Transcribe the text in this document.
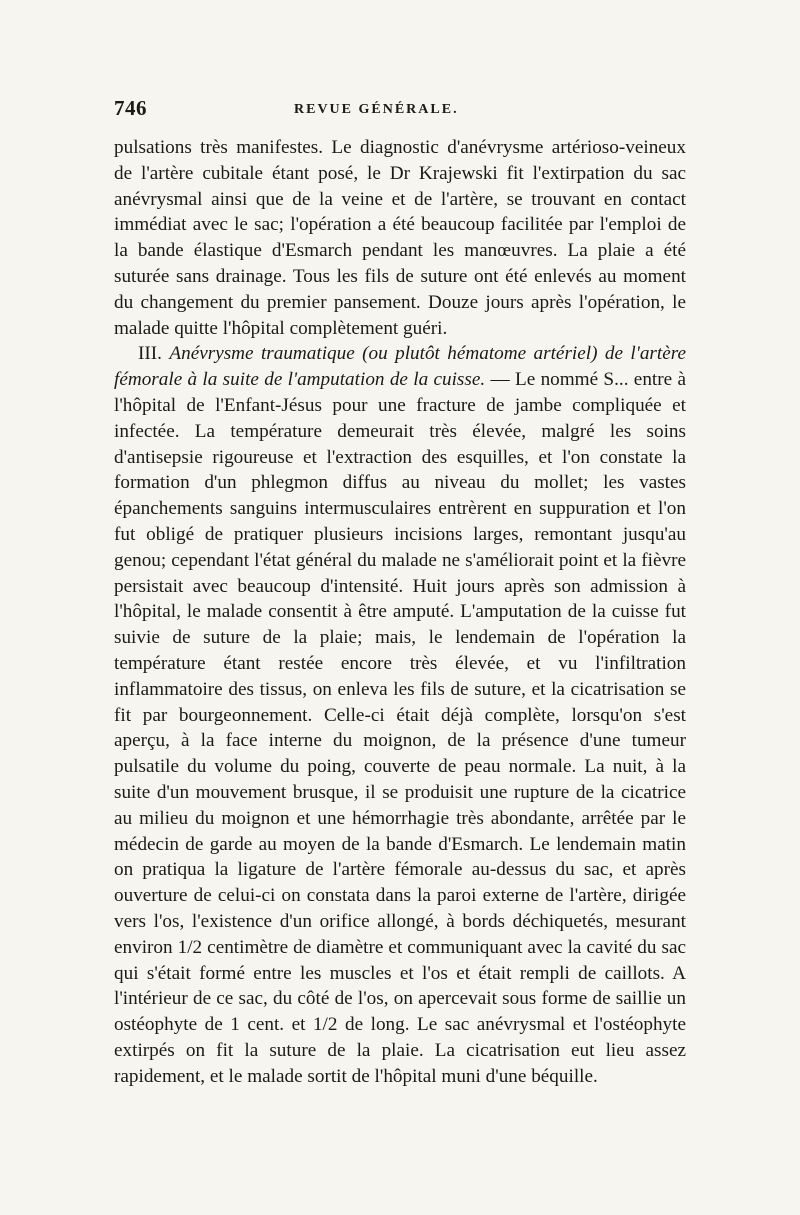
746	REVUE GÉNÉRALE.

pulsations très manifestes. Le diagnostic d'anévrysme artérioso-veineux de l'artère cubitale étant posé, le Dr Krajewski fit l'extirpation du sac anévrysmal ainsi que de la veine et de l'artère, se trouvant en contact immédiat avec le sac; l'opération a été beaucoup facilitée par l'emploi de la bande élastique d'Esmarch pendant les manœuvres. La plaie a été suturée sans drainage. Tous les fils de suture ont été enlevés au moment du changement du premier pansement. Douze jours après l'opération, le malade quitte l'hôpital complètement guéri.

III. Anévrysme traumatique (ou plutôt hématome artériel) de l'artère fémorale à la suite de l'amputation de la cuisse. — Le nommé S... entre à l'hôpital de l'Enfant-Jésus pour une fracture de jambe compliquée et infectée. La température demeurait très élevée, malgré les soins d'antisepsie rigoureuse et l'extraction des esquilles, et l'on constate la formation d'un phlegmon diffus au niveau du mollet; les vastes épanchements sanguins intermusculaires entrèrent en suppuration et l'on fut obligé de pratiquer plusieurs incisions larges, remontant jusqu'au genou; cependant l'état général du malade ne s'améliorait point et la fièvre persistait avec beaucoup d'intensité. Huit jours après son admission à l'hôpital, le malade consentit à être amputé. L'amputation de la cuisse fut suivie de suture de la plaie; mais, le lendemain de l'opération la température étant restée encore très élevée, et vu l'infiltration inflammatoire des tissus, on enleva les fils de suture, et la cicatrisation se fit par bourgeonnement. Celle-ci était déjà complète, lorsqu'on s'est aperçu, à la face interne du moignon, de la présence d'une tumeur pulsatile du volume du poing, couverte de peau normale. La nuit, à la suite d'un mouvement brusque, il se produisit une rupture de la cicatrice au milieu du moignon et une hémorrhagie très abondante, arrêtée par le médecin de garde au moyen de la bande d'Esmarch. Le lendemain matin on pratiqua la ligature de l'artère fémorale au-dessus du sac, et après ouverture de celui-ci on constata dans la paroi externe de l'artère, dirigée vers l'os, l'existence d'un orifice allongé, à bords déchiquetés, mesurant environ 1/2 centimètre de diamètre et communiquant avec la cavité du sac qui s'était formé entre les muscles et l'os et était rempli de caillots. A l'intérieur de ce sac, du côté de l'os, on apercevait sous forme de saillie un ostéophyte de 1 cent. et 1/2 de long. Le sac anévrysmal et l'ostéophyte extirpés on fit la suture de la plaie. La cicatrisation eut lieu assez rapidement, et le malade sortit de l'hôpital muni d'une béquille.
